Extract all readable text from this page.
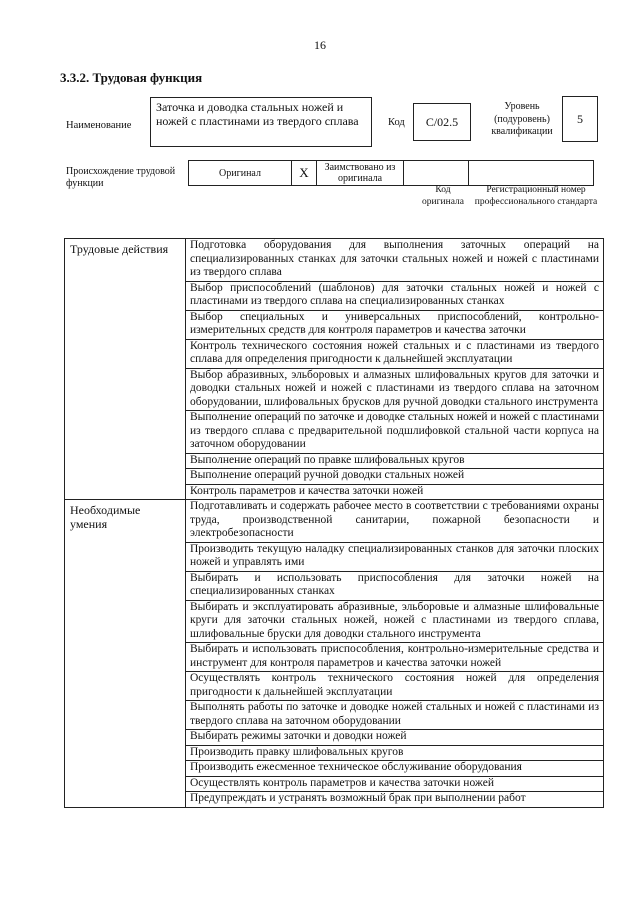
16
3.3.2. Трудовая функция
Наименование
Заточка и доводка стальных ножей и ножей с пластинами из твердого сплава	Код	C/02.5
Уровень (подуровень) квалификации
5
Происхождение трудовой функции
Оригинал	X	Заимствовано из оригинала		
Код оригинала
Регистрационный номер профессионального стандарта
Трудовые действия	Подготовка оборудования для выполнения заточных операций на специализированных станках для заточки стальных ножей и ножей с пластинами из твердого сплава
	Выбор приспособлений (шаблонов) для заточки стальных ножей и ножей с пластинами из твердого сплава на специализированных станках
	Выбор специальных и универсальных приспособлений, контрольно-измерительных средств для контроля параметров и качества заточки
	Контроль технического состояния ножей стальных и с пластинами из твердого сплава для определения пригодности к дальнейшей эксплуатации
	Выбор абразивных, эльборовых и алмазных шлифовальных кругов для заточки и доводки стальных ножей и ножей с пластинами из твердого сплава на заточном оборудовании, шлифовальных брусков для ручной доводки стального инструмента
	Выполнение операций по заточке и доводке стальных ножей и ножей с пластинами из твердого сплава с предварительной подшлифовкой стальной части корпуса на заточном оборудовании
	Выполнение операций по правке шлифовальных кругов
	Выполнение операций ручной доводки стальных ножей
	Контроль параметров и качества заточки ножей
Необходимые умения	Подготавливать и содержать рабочее место в соответствии с требованиями охраны труда, производственной санитарии, пожарной безопасности и электробезопасности
	Производить текущую наладку специализированных станков для заточки плоских ножей и управлять ими
	Выбирать и использовать приспособления для заточки ножей на специализированных станках
	Выбирать и эксплуатировать абразивные, эльборовые и алмазные шлифовальные круги для заточки стальных ножей, ножей с пластинами из твердого сплава, шлифовальные бруски для доводки стального инструмента
	Выбирать и использовать приспособления, контрольно-измерительные средства и инструмент для контроля параметров и качества заточки ножей
	Осуществлять контроль технического состояния ножей для определения пригодности к дальнейшей эксплуатации
	Выполнять работы по заточке и доводке ножей стальных и ножей с пластинами из твердого сплава на заточном оборудовании
	Выбирать режимы заточки и доводки ножей
	Производить правку шлифовальных кругов
	Производить ежесменное техническое обслуживание оборудования
	Осуществлять контроль параметров и качества заточки ножей
	Предупреждать и устранять возможный брак при выполнении работ
